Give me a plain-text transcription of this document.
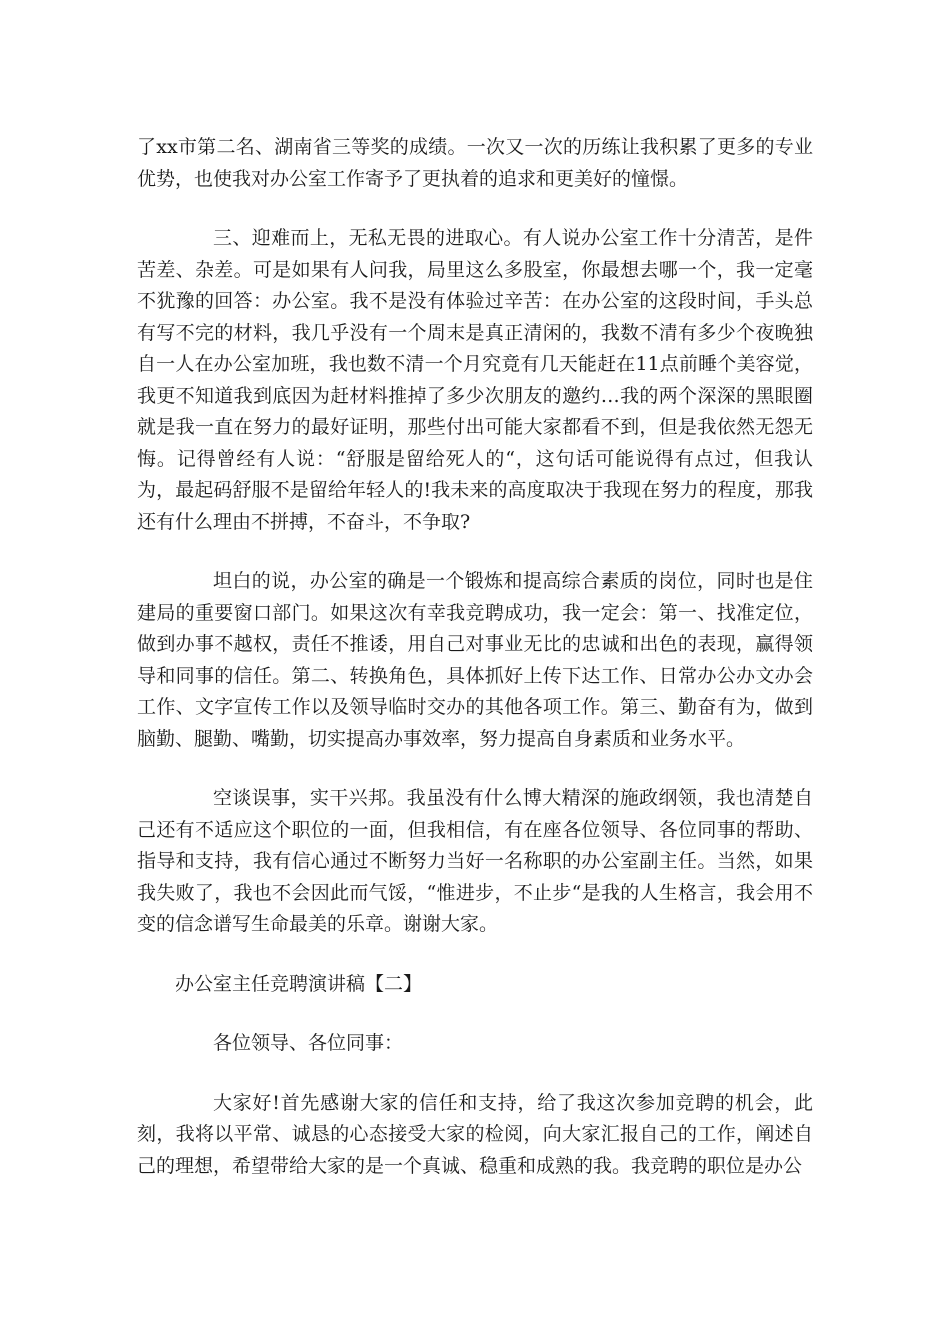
了xx市第二名、湖南省三等奖的成绩。一次又一次的历练让我积累了更多的专业优势，也使我对办公室工作寄予了更执着的追求和更美好的憧憬。

三、迎难而上，无私无畏的进取心。有人说办公室工作十分清苦，是件苦差、杂差。可是如果有人问我，局里这么多股室，你最想去哪一个，我一定毫不犹豫的回答：办公室。我不是没有体验过辛苦：在办公室的这段时间，手头总有写不完的材料，我几乎没有一个周末是真正清闲的，我数不清有多少个夜晚独自一人在办公室加班，我也数不清一个月究竟有几天能赶在11点前睡个美容觉，我更不知道我到底因为赶材料推掉了多少次朋友的邀约…我的两个深深的黑眼圈就是我一直在努力的最好证明，那些付出可能大家都看不到，但是我依然无怨无悔。记得曾经有人说：“舒服是留给死人的“，这句话可能说得有点过，但我认为，最起码舒服不是留给年轻人的!我未来的高度取决于我现在努力的程度，那我还有什么理由不拼搏，不奋斗，不争取?

坦白的说，办公室的确是一个锻炼和提高综合素质的岗位，同时也是住建局的重要窗口部门。如果这次有幸我竞聘成功，我一定会：第一、找准定位，做到办事不越权，责任不推诿，用自己对事业无比的忠诚和出色的表现，赢得领导和同事的信任。第二、转换角色，具体抓好上传下达工作、日常办公办文办会工作、文字宣传工作以及领导临时交办的其他各项工作。第三、勤奋有为，做到脑勤、腿勤、嘴勤，切实提高办事效率，努力提高自身素质和业务水平。

空谈误事，实干兴邦。我虽没有什么博大精深的施政纲领，我也清楚自己还有不适应这个职位的一面，但我相信，有在座各位领导、各位同事的帮助、指导和支持，我有信心通过不断努力当好一名称职的办公室副主任。当然，如果我失败了，我也不会因此而气馁，“惟进步，不止步“是我的人生格言，我会用不变的信念谱写生命最美的乐章。谢谢大家。

办公室主任竞聘演讲稿【二】

各位领导、各位同事：

大家好!首先感谢大家的信任和支持，给了我这次参加竞聘的机会，此刻，我将以平常、诚恳的心态接受大家的检阅，向大家汇报自己的工作，阐述自己的理想，希望带给大家的是一个真诚、稳重和成熟的我。我竞聘的职位是办公
